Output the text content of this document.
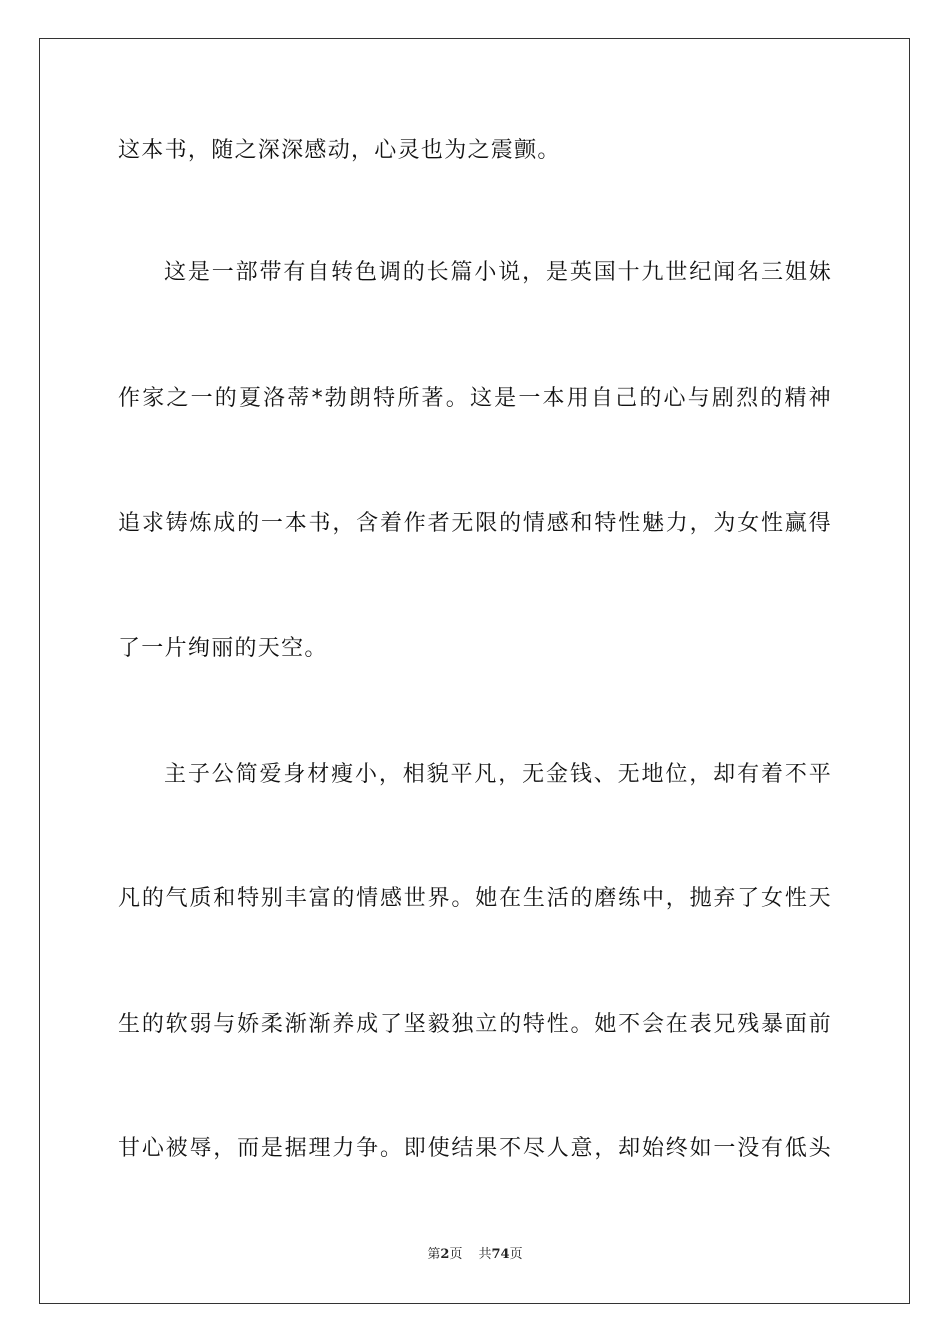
这本书，随之深深感动，心灵也为之震颤。
这是一部带有自转色调的长篇小说，是英国十九世纪闻名三姐妹
作家之一的夏洛蒂*勃朗特所著。这是一本用自己的心与剧烈的精神
追求铸炼成的一本书，含着作者无限的情感和特性魅力，为女性赢得
了一片绚丽的天空。
主子公简爱身材瘦小，相貌平凡，无金钱、无地位，却有着不平
凡的气质和特别丰富的情感世界。她在生活的磨练中，抛弃了女性天
生的软弱与娇柔渐渐养成了坚毅独立的特性。她不会在表兄残暴面前
甘心被辱，而是据理力争。即使结果不尽人意，却始终如一没有低头
第2页 共74页
